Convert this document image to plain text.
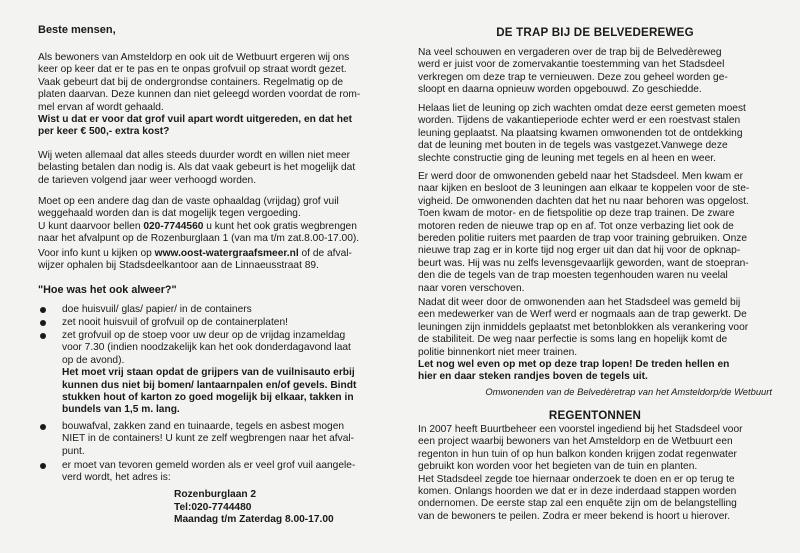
Beste mensen,
Als bewoners van Amsteldorp en ook uit de Wetbuurt ergeren wij ons
keer op keer dat er te pas en te onpas grofvuil op straat wordt gezet.
Vaak gebeurt dat bij de ondergrondse containers. Regelmatig op de
platen daarvan. Deze kunnen dan niet geleegd worden voordat de rom-
mel ervan af wordt gehaald.
Wist u dat er voor dat grof vuil apart wordt uitgereden, en dat het
per keer € 500,- extra kost?
Wij weten allemaal dat alles steeds duurder wordt en willen niet meer
belasting betalen dan nodig is. Als dat vaak gebeurt is het mogelijk dat
de tarieven volgend jaar weer verhoogd worden.
Moet op een andere dag dan de vaste ophaaldag (vrijdag) grof vuil
weggehaald worden dan is dat mogelijk tegen vergoeding.
U kunt daarvoor bellen 020-7744560 u kunt het ook gratis wegbrengen
naar het afvalpunt op de Rozenburglaan 1 (van ma t/m zat.8.00-17.00).
Voor info kunt u kijken op www.oost-watergraafsmeer.nl of de afval-
wijzer ophalen bij Stadsdeelkantoor aan de Linnaeusstraat 89.
"Hoe was het ook alweer?"
doe huisvuil/ glas/ papier/ in de containers
zet nooit huisvuil of grofvuil op de containerplaten!
zet grofvuil op de stoep voor uw deur op de vrijdag inzameldag
voor 7.30 (indien noodzakelijk kan het ook donderdagavond laat
op de avond).
Het moet vrij staan opdat de grijpers van de vuilnisauto erbij
kunnen dus niet bij bomen/ lantaarnpalen en/of gevels. Bindt
stukken hout of karton zo goed mogelijk bij elkaar, takken in
bundels van 1,5 m. lang.
bouwafval, zakken zand en tuinaarde, tegels en asbest mogen
NIET in de containers! U kunt ze zelf wegbrengen naar het afval-
punt.
er moet van tevoren gemeld worden als er veel grof vuil aangele-
verd wordt, het adres is:
Rozenburglaan 2
Tel:020-7744480
Maandag t/m Zaterdag 8.00-17.00
DE TRAP BIJ DE BELVEDEREWEG
Na veel schouwen en vergaderen over de trap bij de Belvedèreweg
werd er juist voor de zomervakantie toestemming van het Stadsdeel
verkregen om deze trap te vernieuwen. Deze zou geheel worden ge-
sloopt en daarna opnieuw worden opgebouwd. Zo geschiedde.
Helaas liet de leuning op zich wachten omdat deze eerst gemeten moest
worden. Tijdens de vakantieperiode echter werd er een roestvast stalen
leuning geplaatst. Na plaatsing kwamen omwonenden tot de ontdekking
dat de leuning met bouten in de tegels was vastgezet.Vanwege deze
slechte constructie ging de leuning met tegels en al heen en weer.
Er werd door de omwonenden gebeld naar het Stadsdeel. Men kwam er
naar kijken en besloot de 3 leuningen aan elkaar te koppelen voor de ste-
vigheid. De omwonenden dachten dat het nu naar behoren was opgelost.
Toen kwam de motor- en de fietspolitie op deze trap trainen. De zware
motoren reden de nieuwe trap op en af. Tot onze verbazing liet ook de
bereden politie ruiters met paarden de trap voor training gebruiken. Onze
nieuwe trap zag er in korte tijd nog erger uit dan dat hij voor de opknap-
beurt was. Hij was nu zelfs levensgevaarlijk geworden, want de stoepran-
den die de tegels van de trap moesten tegenhouden waren nu veelal
naar voren verschoven.
Nadat dit weer door de omwonenden aan het Stadsdeel was gemeld bij
een medewerker van de Werf werd er nogmaals aan de trap gewerkt. De
leuningen zijn inmiddels geplaatst met betonblokken als verankering voor
de stabiliteit. De weg naar perfectie is soms lang en hopelijk komt de
politie binnenkort niet meer trainen.
Let nog wel even op met op deze trap lopen! De treden hellen en
hier en daar steken randjes boven de tegels uit.
Omwonenden van de Belvedèretrap van het Amsteldorp/de Wetbuurt
REGENTONNEN
In 2007 heeft Buurtbeheer een voorstel ingediend bij het Stadsdeel voor
een project waarbij bewoners van het Amsteldorp en de Wetbuurt een
regenton in hun tuin of op hun balkon konden krijgen zodat regenwater
gebruikt kon worden voor het begieten van de tuin en planten.
Het Stadsdeel zegde toe hiernaar onderzoek te doen en er op terug te
komen. Onlangs hoorden we dat er in deze inderdaad stappen worden
ondernomen. De eerste stap zal een enquête zijn om de belangstelling
van de bewoners te peilen. Zodra er meer bekend is hoort u hierover.
